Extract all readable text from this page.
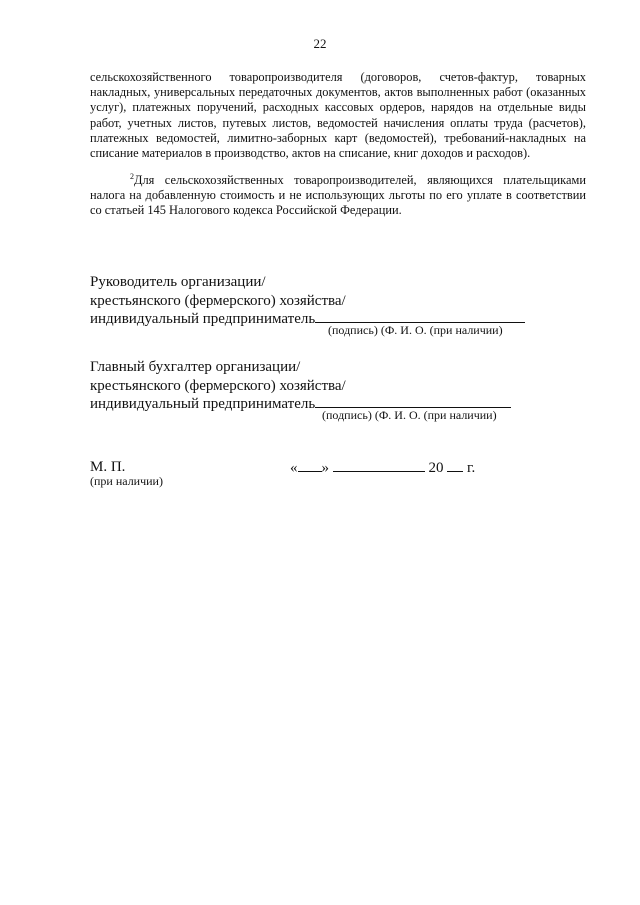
22

сельскохозяйственного товаропроизводителя (договоров, счетов-фактур, товарных накладных, универсальных передаточных документов, актов выполненных работ (оказанных услуг), платежных поручений, расходных кассовых ордеров, нарядов на отдельные виды работ, учетных листов, путевых листов, ведомостей начисления оплаты труда (расчетов), платежных ведомостей, лимитно-заборных карт (ведомостей), требований-накладных на списание материалов в производство, актов на списание, книг доходов и расходов).

$^2$Для сельскохозяйственных товаропроизводителей, являющихся плательщиками налога на добавленную стоимость и не использующих льготы по его уплате в соответствии со статьей 145 Налогового кодекса Российской Федерации.

Руководитель организации/
крестьянского (фермерского) хозяйства/
индивидуальный предприниматель
(подпись) (Ф. И. О. (при наличии)
Главный бухгалтер организации/
крестьянского (фермерского) хозяйства/
индивидуальный предприниматель
(подпись) (Ф. И. О. (при наличии)
М. П.
(при наличии)
« »	20 г.
